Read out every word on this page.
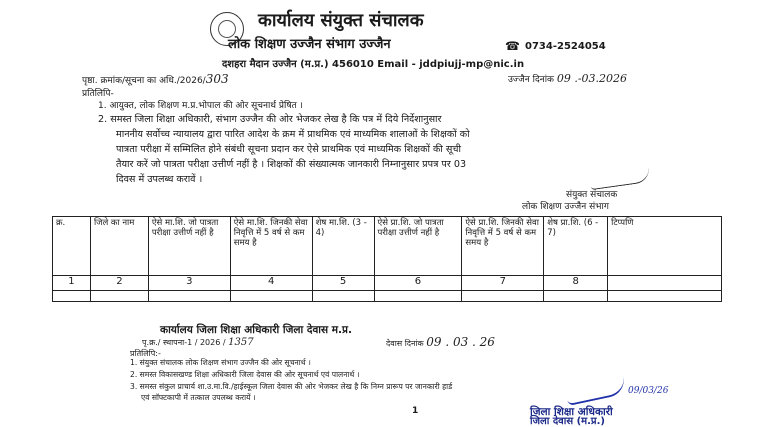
कार्यालय संयुक्त संचालक
लोक शिक्षण उज्जैन संभाग उज्जैन	☎ 0734-2524054
दशहरा मैदान उज्जैन (म.प्र.) 456010 Email - jddpiujj-mp@nic.in
पृष्ठा. क्रमांक/सूचना का अधि./2026/303	उज्जैन दिनांक 09 .-03.2026
प्रतिलिपि-
1. आयुक्त, लोक शिक्षण म.प्र.भोपाल की ओर सूचनार्थ प्रेषित ।
2. समस्त जिला शिक्षा अधिकारी, संभाग उज्जैन की ओर भेजकर लेख है कि पत्र में दिये निर्देशानुसार
माननीय सर्वोच्च न्यायालय द्वारा पारित आदेश के क्रम में प्राथमिक एवं माध्यमिक शालाओं के शिक्षकों को
पात्रता परीक्षा में सम्मिलित होने संबंधी सूचना प्रदान कर ऐसे प्राथमिक एवं माध्यमिक शिक्षकों की सूची
तैयार करें जो पात्रता परीक्षा उत्तीर्ण नहीं है । शिक्षकों की संख्यात्मक जानकारी निम्नानुसार प्रपत्र पर 03
दिवस में उपलब्ध करावें ।
संयुक्त संचालक
लोक शिक्षण उज्जैन संभाग
क्र.	जिले का नाम	ऐसे मा.शि. जो पात्रता परीक्षा उत्तीर्ण नहीं है	ऐसे मा.शि. जिनकी सेवा निवृत्ति में 5 वर्ष से कम समय है	शेष मा.शि. (3 - 4)	ऐसे प्रा.शि. जो पात्रता परीक्षा उत्तीर्ण नहीं है	ऐसे प्रा.शि. जिनकी सेवा निवृत्ति में 5 वर्ष से कम समय है	शेष प्रा.शि. (6 - 7)	टिप्पणि
1	2	3	4	5	6	7	8	

कार्यालय जिला शिक्षा अधिकारी जिला देवास म.प्र.
पृ.क्र./ स्थापना-1 / 2026 / 1357	देवास दिनांक 09 . 03 . 26
प्रतिलिपि:-
1. संयुक्त संचालक लोक शिक्षण संभाग उज्जैन की ओर सूचनार्थ ।
2. समस्त विकासखण्ड शिक्षा अधिकारी जिला देवास की ओर सूचनार्थ एवं पालनार्थ ।
3. समस्त संकुल प्राचार्य शा.उ.मा.वि./हाईस्कूल जिला देवास की ओर भेजकर लेख है कि निम्न प्रारूप पर जानकारी हार्ड
एवं सॉफ्टकापी में तत्काल उपलब्ध करायें ।
1
09/03/26
जिला शिक्षा अधिकारी
जिला देवास (म.प्र.)
